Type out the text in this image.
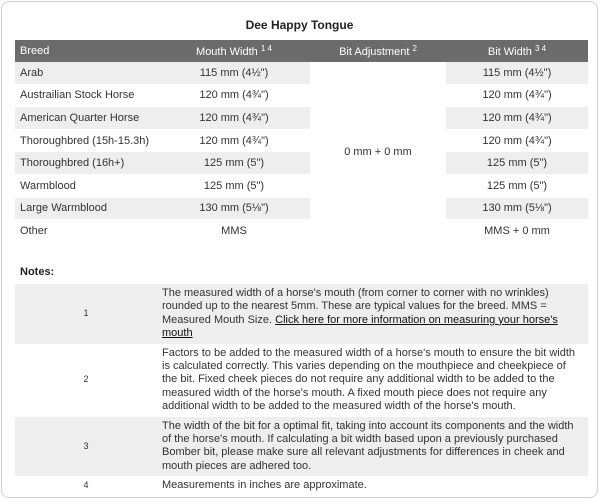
Dee Happy Tongue
Breed	Mouth Width $^{1 4}$	Bit Adjustment $^2$	Bit Width $^{3 4}$
Arab	115 mm (4½")	0 mm + 0 mm	115 mm (4½")
Austrailian Stock Horse	120 mm (4¾")		120 mm (4¾")
American Quarter Horse	120 mm (4¾")		120 mm (4¾")
Thoroughbred (15h-15.3h)	120 mm (4¾")		120 mm (4¾")
Thoroughbred (16h+)	125 mm (5")		125 mm (5")
Warmblood	125 mm (5")		125 mm (5")
Large Warmblood	130 mm (5⅛")		130 mm (5⅛")
Other	MMS		MMS + 0 mm
Notes:
1	The measured width of a horse's mouth (from corner to corner with no wrinkles) rounded up to the nearest 5mm. These are typical values for the breed. MMS = Measured Mouth Size. Click here for more information on measuring your horse's mouth
2	Factors to be added to the measured width of a horse's mouth to ensure the bit width is calculated correctly. This varies depending on the mouthpiece and cheekpiece of the bit. Fixed cheek pieces do not require any additional width to be added to the measured width of the horse's mouth. A fixed mouth piece does not require any additional width to be added to the measured width of the horse's mouth.
3	The width of the bit for a optimal fit, taking into account its components and the width of the horse's mouth. If calculating a bit width based upon a previously purchased Bomber bit, please make sure all relevant adjustments for differences in cheek and mouth pieces are adhered too.
4	Measurements in inches are approximate.
